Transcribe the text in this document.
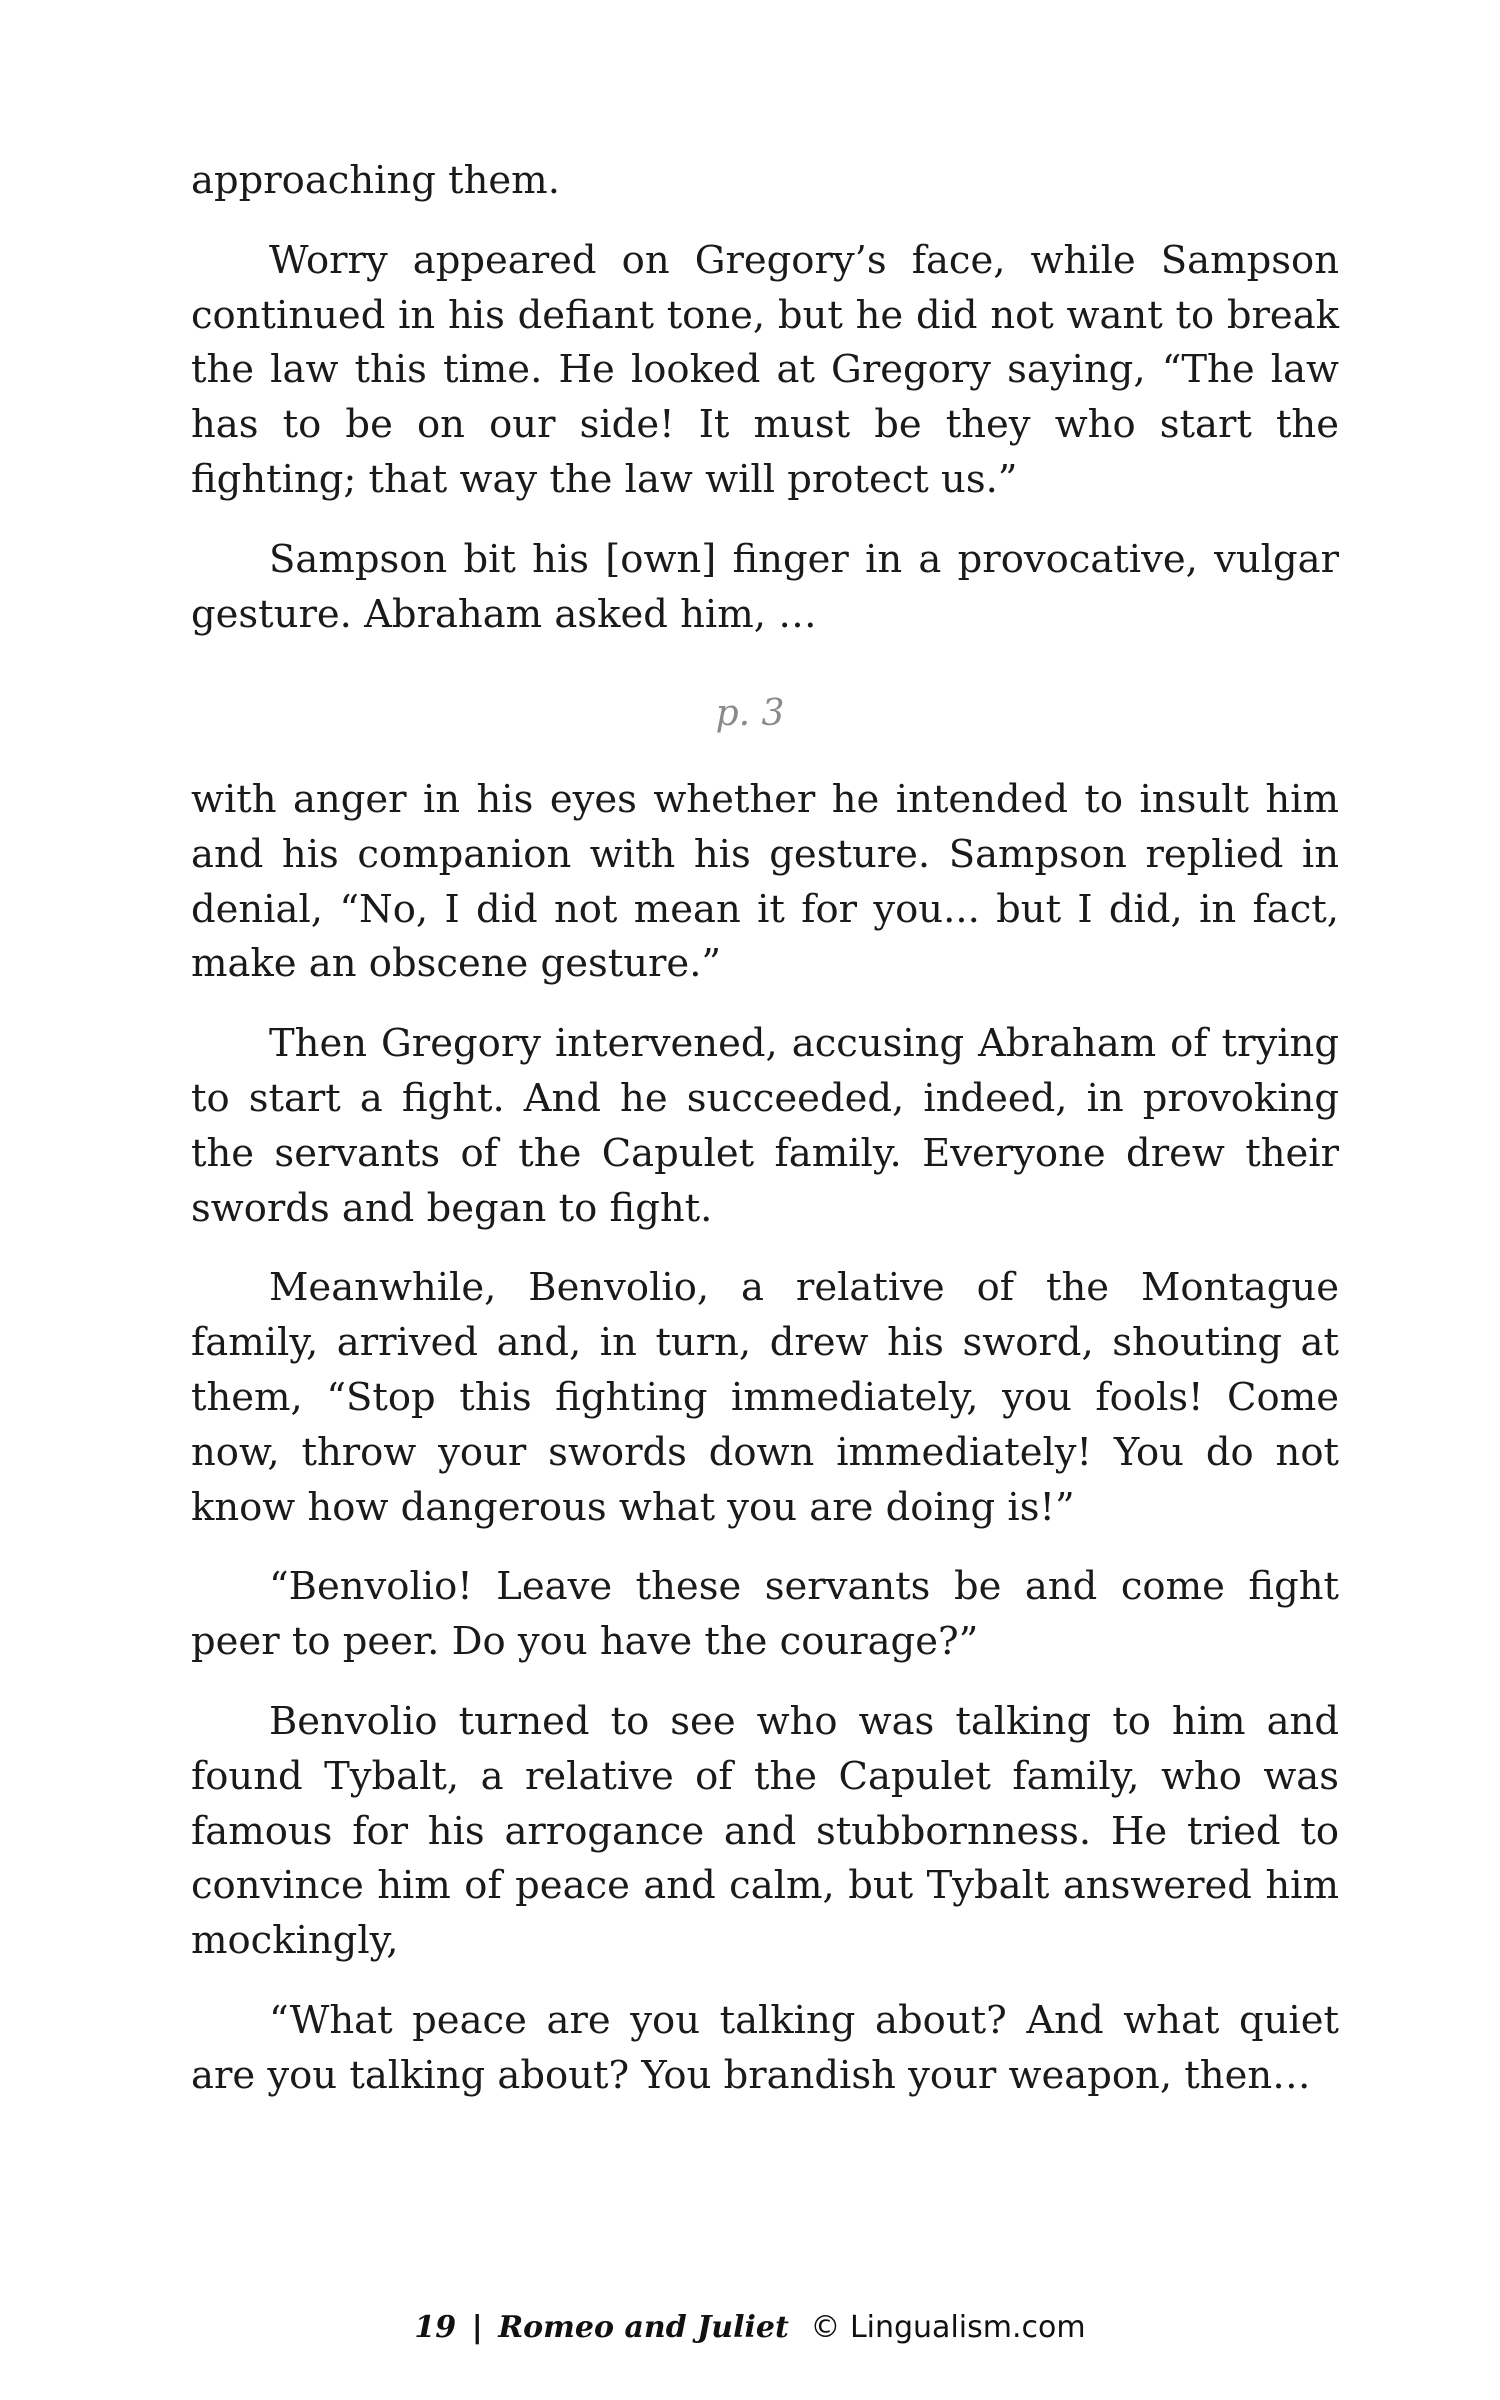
approaching them.

Worry appeared on Gregory’s face, while Sampson continued in his defiant tone, but he did not want to break the law this time. He looked at Gregory saying, “The law has to be on our side! It must be they who start the fighting; that way the law will protect us.”

Sampson bit his [own] finger in a provocative, vulgar gesture. Abraham asked him, …

p. 3

with anger in his eyes whether he intended to insult him and his companion with his gesture. Sampson replied in denial, “No, I did not mean it for you... but I did, in fact, make an obscene gesture.”

Then Gregory intervened, accusing Abraham of trying to start a fight. And he succeeded, indeed, in provoking the servants of the Capulet family. Everyone drew their swords and began to fight.

Meanwhile, Benvolio, a relative of the Montague family, arrived and, in turn, drew his sword, shouting at them, “Stop this fighting immediately, you fools! Come now, throw your swords down immediately! You do not know how dangerous what you are doing is!”

“Benvolio! Leave these servants be and come fight peer to peer. Do you have the courage?”

Benvolio turned to see who was talking to him and found Tybalt, a relative of the Capulet family, who was famous for his arrogance and stubbornness. He tried to convince him of peace and calm, but Tybalt answered him mockingly,

“What peace are you talking about? And what quiet are you talking about? You brandish your weapon, then…

19 | Romeo and Juliet © Lingualism.com
